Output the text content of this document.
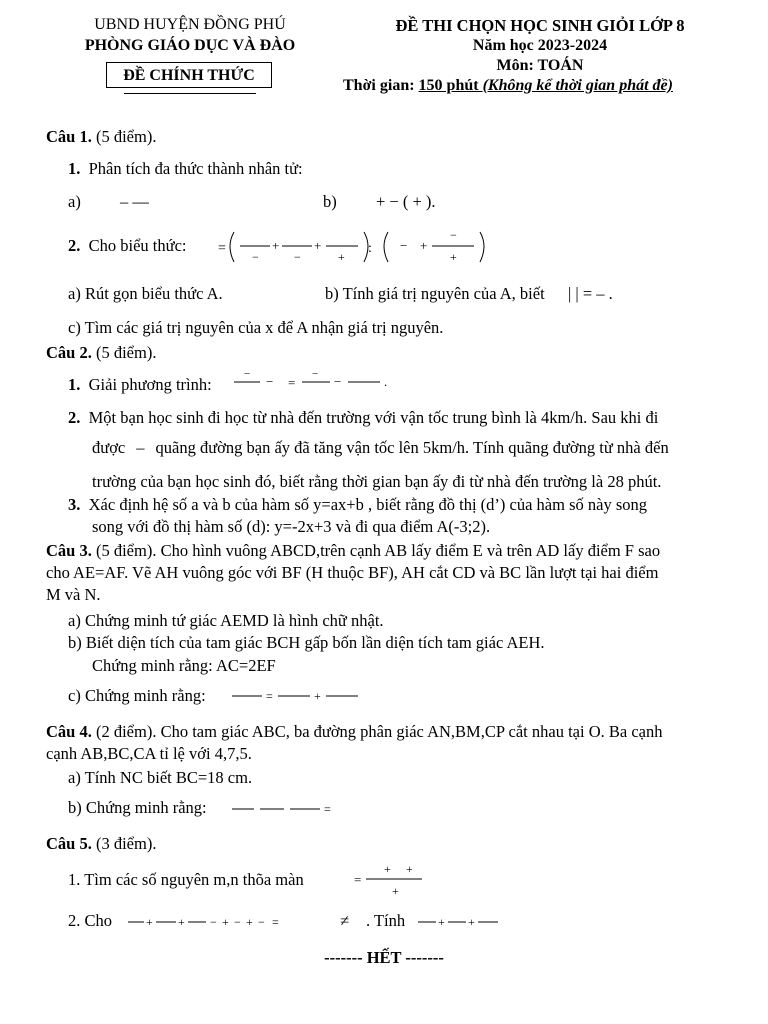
UBND HUYỆN ĐỒNG PHÚ
PHÒNG GIÁO DỤC VÀ ĐÀO
ĐỀ CHÍNH THỨC
ĐỀ THI CHỌN HỌC SINH GIỎI LỚP 8
Năm học 2023-2024
Môn: TOÁN
Thời gian: 150 phút (Không kể thời gian phát đề)
Câu 1. (5 điểm).
1. Phân tích đa thức thành nhân tử:
a) – —	b) + − ( + ).
2. Cho biểu thức: =	+
−	−
+
+
: − +
−
+
a) Rút gọn biểu thức A.	b) Tính giá trị nguyên của A, biết | | = – .
c) Tìm các giá trị nguyên của x để A nhận giá trị nguyên.
Câu 2. (5 điểm).
1. Giải phương trình:
− − =
− −	.
2. Một bạn học sinh đi học từ nhà đến trường với vận tốc trung bình là 4km/h. Sau khi đi
được – quãng đường bạn ấy đã tăng vận tốc lên 5km/h. Tính quãng đường từ nhà đến
trường của bạn học sinh đó, biết rằng thời gian bạn ấy đi từ nhà đến trường là 28 phút.
3. Xác định hệ số a và b của hàm số y=ax+b , biết rằng đồ thị (d’) của hàm số này song
song với đồ thị hàm số (d): y=-2x+3 và đi qua điểm A(-3;2).
Câu 3. (5 điểm). Cho hình vuông ABCD,trên cạnh AB lấy điểm E và trên AD lấy điểm F sao
cho AE=AF. Vẽ AH vuông góc với BF (H thuộc BF), AH cắt CD và BC lần lượt tại hai điểm
M và N.
a) Chứng minh tứ giác AEMD là hình chữ nhật.
b) Biết diện tích của tam giác BCH gấp bốn lần diện tích tam giác AEH.
Chứng minh rằng: AC=2EF
c) Chứng minh rằng:	=	+
Câu 4. (2 điểm). Cho tam giác ABC, ba đường phân giác AN,BM,CP cắt nhau tại O. Ba cạnh
cạnh AB,BC,CA tỉ lệ với 4,7,5.
a) Tính NC biết BC=18 cm.
b) Chứng minh rằng:	=
Câu 5. (3 điểm).
1. Tìm các số nguyên m,n thõa màn	=
+ +
+
2. Cho	+ + − + − + − =	≠ . Tính	+ +
------- HẾT -------
